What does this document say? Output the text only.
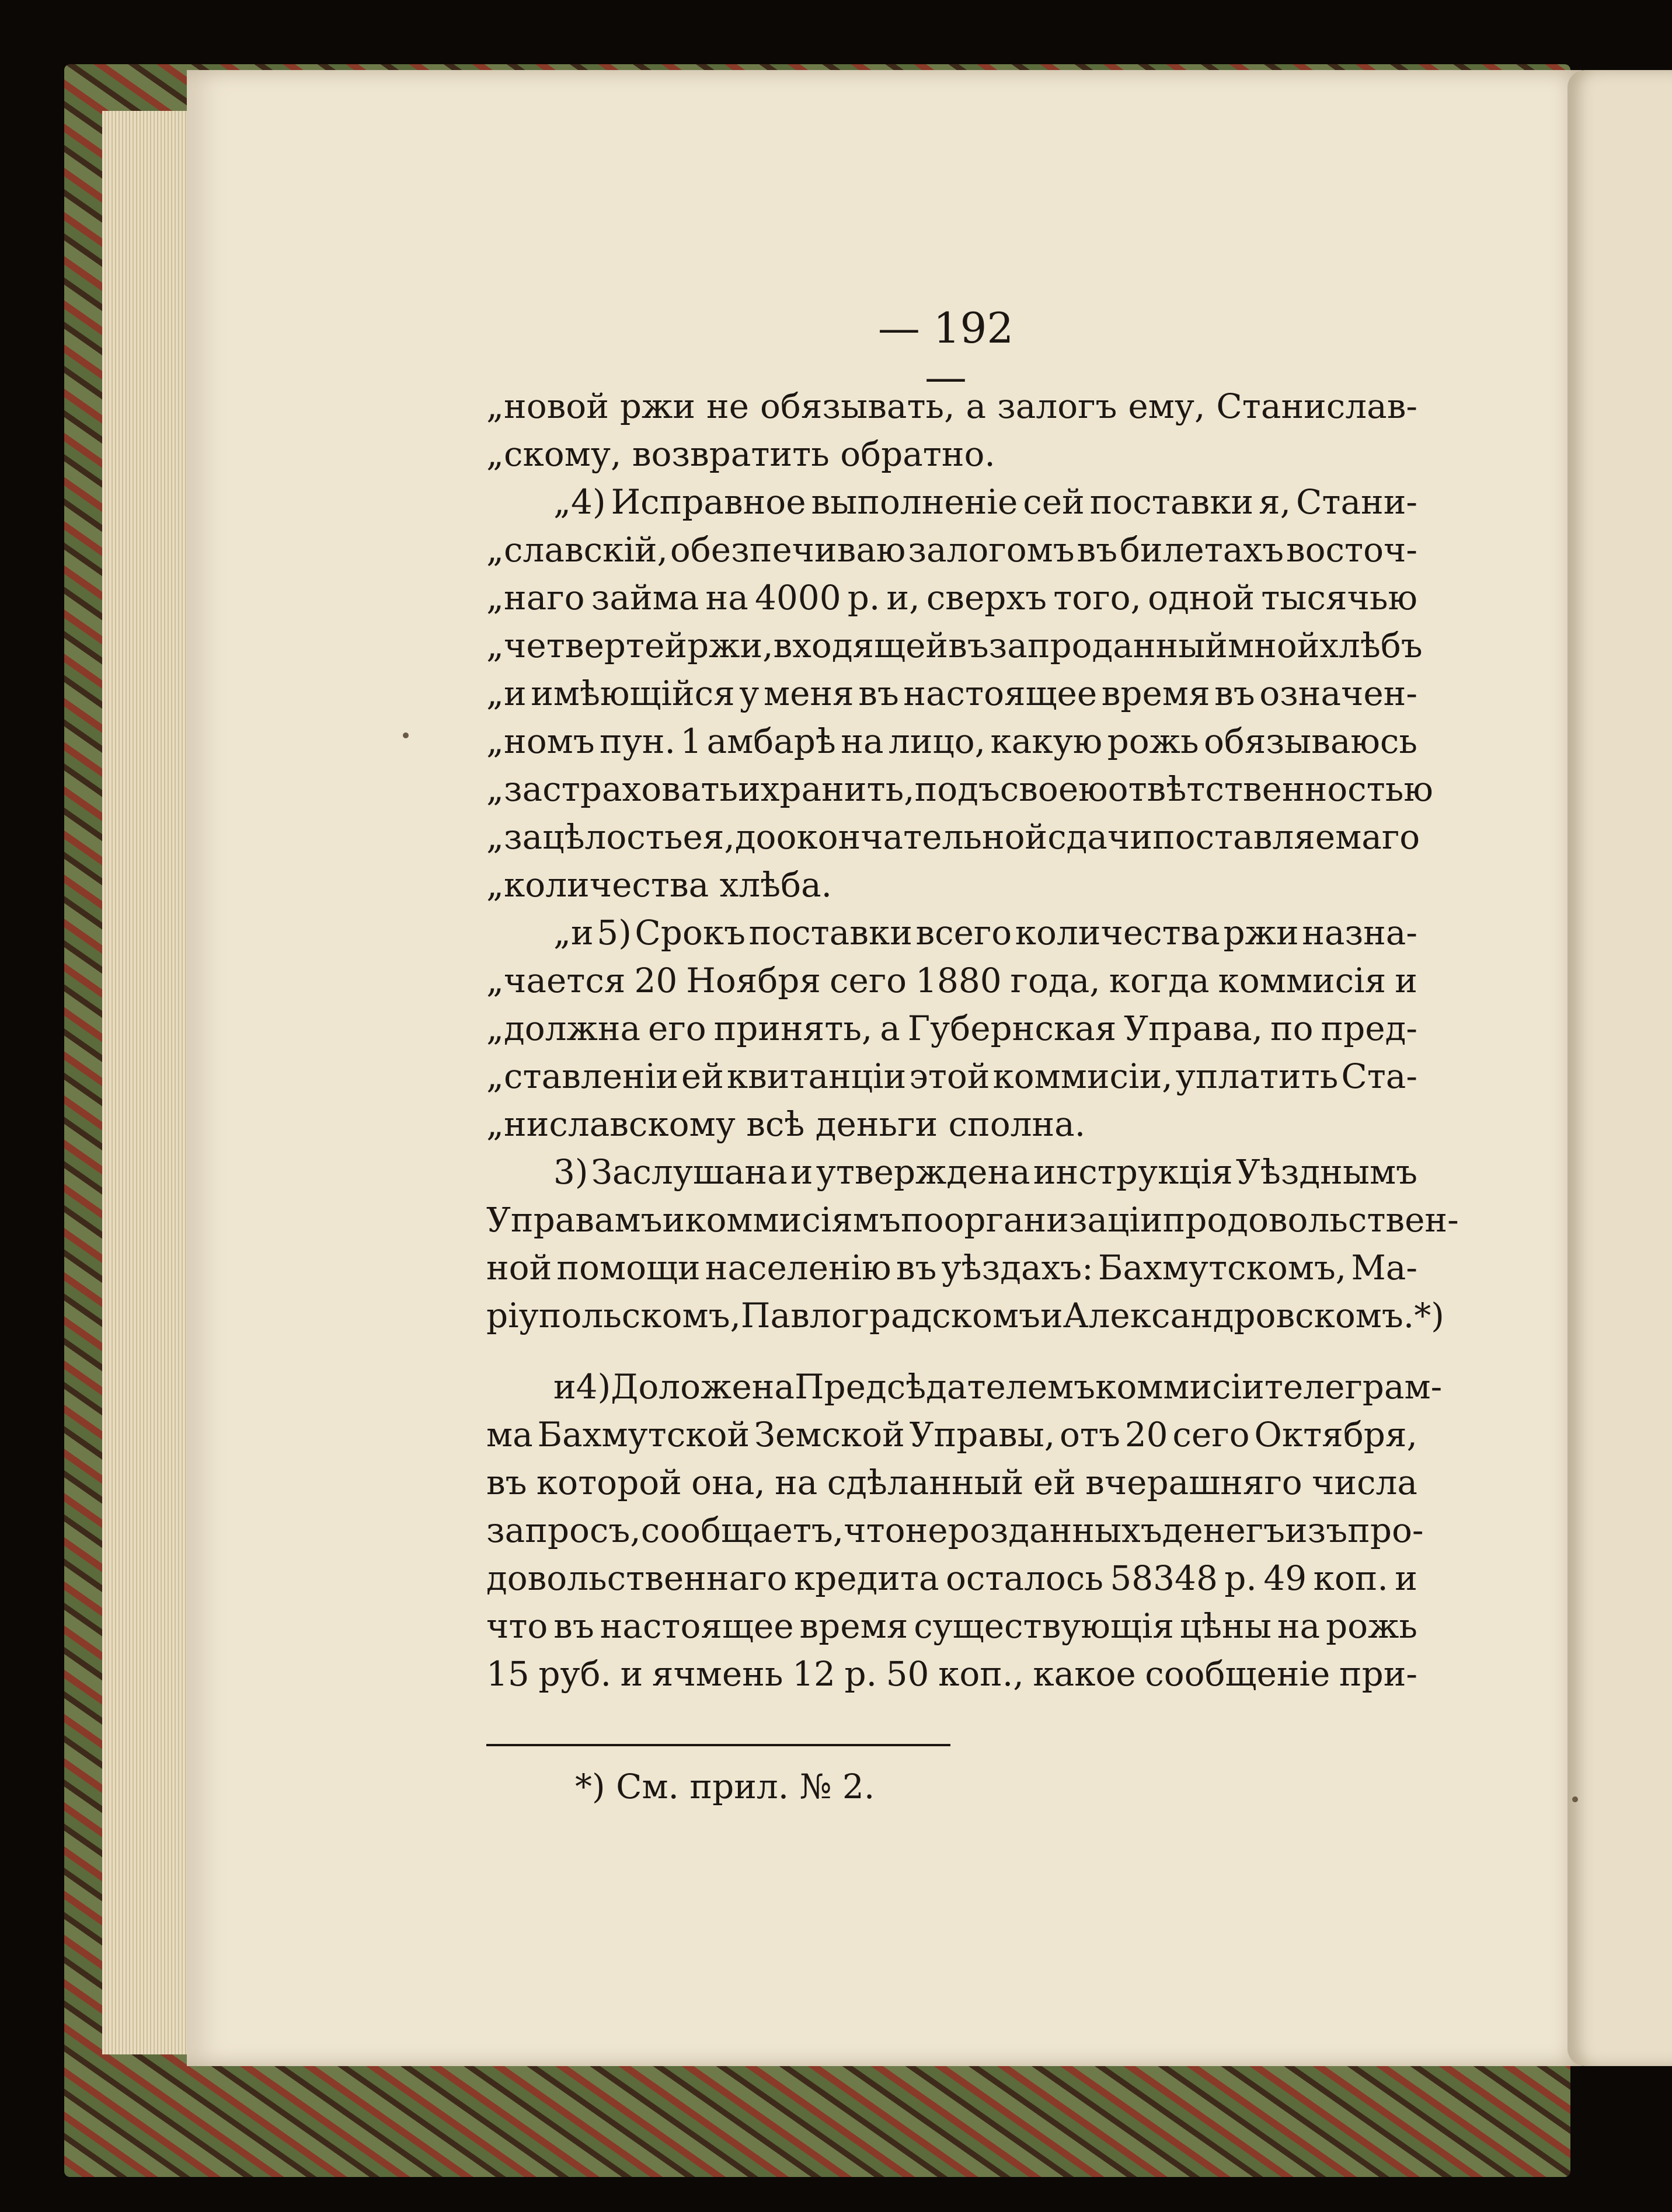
— 192 —
„новой ржи не обязывать, а залогъ ему, Станислав-
„скому, возвратить обратно.
„4) Исправное выполненіе сей поставки я, Стани-
„славскій, обезпечиваю залогомъ въ билетахъ восточ-
„наго займа на 4000 р. и, сверхъ того, одной тысячью
„четвертей ржи, входящей въ запроданный мной хлѣбъ
„и имѣющійся у меня въ настоящее время въ означен-
„номъ пун. 1 амбарѣ на лицо, какую рожь обязываюсь
„застраховать и хранить, подъ своею отвѣтственностью
„за цѣлость ея, до окончательной сдачи поставляемаго
„количества хлѣба.
„и 5) Срокъ поставки всего количества ржи назна-
„чается 20 Ноября сего 1880 года, когда коммисія и
„должна его принять, а Губернская Управа, по пред-
„ставленіи ей квитанціи этой коммисіи, уплатить Ста-
„ниславскому всѣ деньги сполна.
3) Заслушана и утверждена инструкція Уѣзднымъ
Управамъ и коммисіямъ по организаціи продовольствен-
ной помощи населенію въ уѣздахъ: Бахмутскомъ, Ма-
ріупольскомъ, Павлоградскомъ и Александровскомъ.*)
и 4) Доложена Предсѣдателемъ коммисіи телеграм-
ма Бахмутской Земской Управы, отъ 20 сего Октября,
въ которой она, на сдѣланный ей вчерашняго числа
запросъ, сообщаетъ, что нерозданныхъ денегъ изъ про-
довольственнаго кредита осталось 58348 р. 49 коп. и
что въ настоящее время существующія цѣны на рожь
15 руб. и ячмень 12 р. 50 коп., какое сообщеніе при-
*) См. прил. № 2.
